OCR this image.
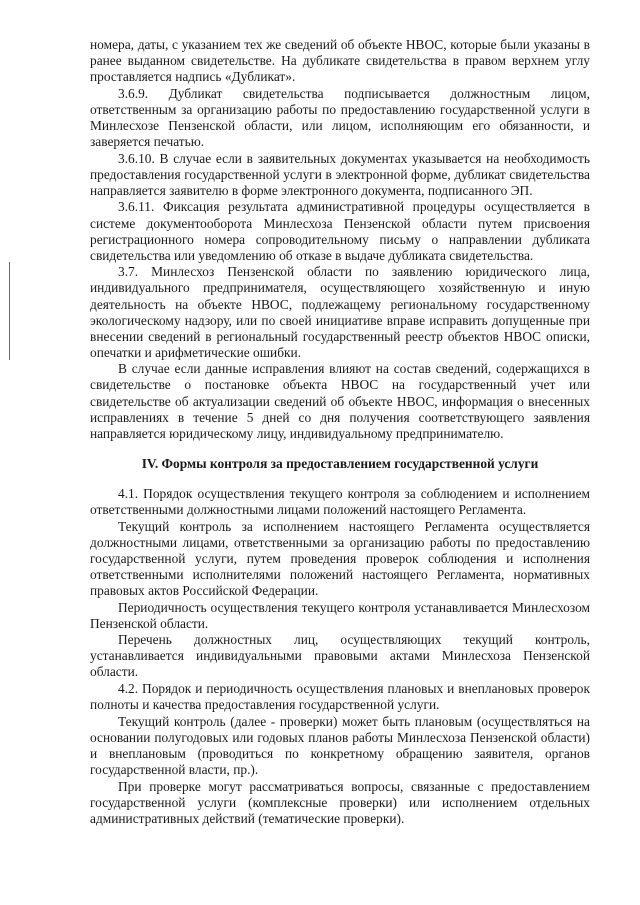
номера, даты, с указанием тех же сведений об объекте НВОС, которые были указаны в ранее выданном свидетельстве. На дубликате свидетельства в правом верхнем углу проставляется надпись «Дубликат».

3.6.9. Дубликат свидетельства подписывается должностным лицом, ответственным за организацию работы по предоставлению государственной услуги в Минлесхозе Пензенской области, или лицом, исполняющим его обязанности, и заверяется печатью.

3.6.10. В случае если в заявительных документах указывается на необходимость предоставления государственной услуги в электронной форме, дубликат свидетельства направляется заявителю в форме электронного документа, подписанного ЭП.

3.6.11. Фиксация результата административной процедуры осуществляется в системе документооборота Минлесхоза Пензенской области путем присвоения регистрационного номера сопроводительному письму о направлении дубликата свидетельства или уведомлению об отказе в выдаче дубликата свидетельства.

3.7. Минлесхоз Пензенской области по заявлению юридического лица, индивидуального предпринимателя, осуществляющего хозяйственную и иную деятельность на объекте НВОС, подлежащему региональному государственному экологическому надзору, или по своей инициативе вправе исправить допущенные при внесении сведений в региональный государственный реестр объектов НВОС описки, опечатки и арифметические ошибки.

В случае если данные исправления влияют на состав сведений, содержащихся в свидетельстве о постановке объекта НВОС на государственный учет или свидетельстве об актуализации сведений об объекте НВОС, информация о внесенных исправлениях в течение 5 дней со дня получения соответствующего заявления направляется юридическому лицу, индивидуальному предпринимателю.

IV. Формы контроля за предоставлением государственной услуги

4.1. Порядок осуществления текущего контроля за соблюдением и исполнением ответственными должностными лицами положений настоящего Регламента.

Текущий контроль за исполнением настоящего Регламента осуществляется должностными лицами, ответственными за организацию работы по предоставлению государственной услуги, путем проведения проверок соблюдения и исполнения ответственными исполнителями положений настоящего Регламента, нормативных правовых актов Российской Федерации.

Периодичность осуществления текущего контроля устанавливается Минлесхозом Пензенской области.

Перечень должностных лиц, осуществляющих текущий контроль, устанавливается индивидуальными правовыми актами Минлесхоза Пензенской области.

4.2. Порядок и периодичность осуществления плановых и внеплановых проверок полноты и качества предоставления государственной услуги.

Текущий контроль (далее - проверки) может быть плановым (осуществляться на основании полугодовых или годовых планов работы Минлесхоза Пензенской области) и внеплановым (проводиться по конкретному обращению заявителя, органов государственной власти, пр.).

При проверке могут рассматриваться вопросы, связанные с предоставлением государственной услуги (комплексные проверки) или исполнением отдельных административных действий (тематические проверки).
